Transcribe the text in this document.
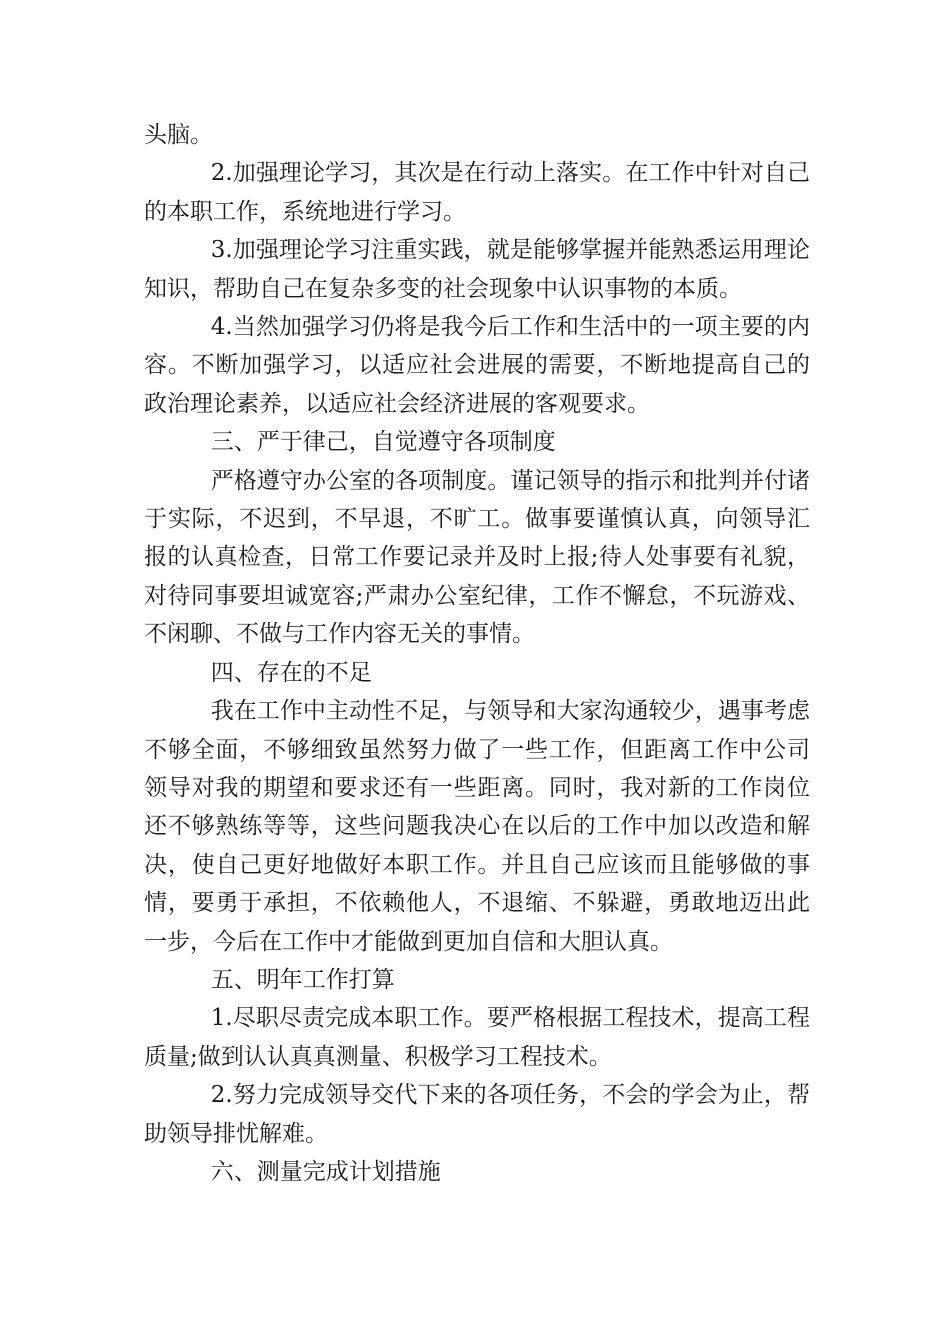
头脑。

2.加强理论学习，其次是在行动上落实。在工作中针对自己的本职工作，系统地进行学习。

3.加强理论学习注重实践，就是能够掌握并能熟悉运用理论知识，帮助自己在复杂多变的社会现象中认识事物的本质。

4.当然加强学习仍将是我今后工作和生活中的一项主要的内容。不断加强学习，以适应社会进展的需要，不断地提高自己的政治理论素养，以适应社会经济进展的客观要求。

三、严于律己，自觉遵守各项制度

严格遵守办公室的各项制度。谨记领导的指示和批判并付诸于实际，不迟到，不早退，不旷工。做事要谨慎认真，向领导汇报的认真检查，日常工作要记录并及时上报;待人处事要有礼貌，对待同事要坦诚宽容;严肃办公室纪律，工作不懈怠，不玩游戏、不闲聊、不做与工作内容无关的事情。

四、存在的不足

我在工作中主动性不足，与领导和大家沟通较少，遇事考虑不够全面，不够细致虽然努力做了一些工作，但距离工作中公司领导对我的期望和要求还有一些距离。同时，我对新的工作岗位还不够熟练等等，这些问题我决心在以后的工作中加以改造和解决，使自己更好地做好本职工作。并且自己应该而且能够做的事情，要勇于承担，不依赖他人，不退缩、不躲避，勇敢地迈出此一步，今后在工作中才能做到更加自信和大胆认真。

五、明年工作打算

1.尽职尽责完成本职工作。要严格根据工程技术，提高工程质量;做到认认真真测量、积极学习工程技术。

2.努力完成领导交代下来的各项任务，不会的学会为止，帮助领导排忧解难。

六、测量完成计划措施
